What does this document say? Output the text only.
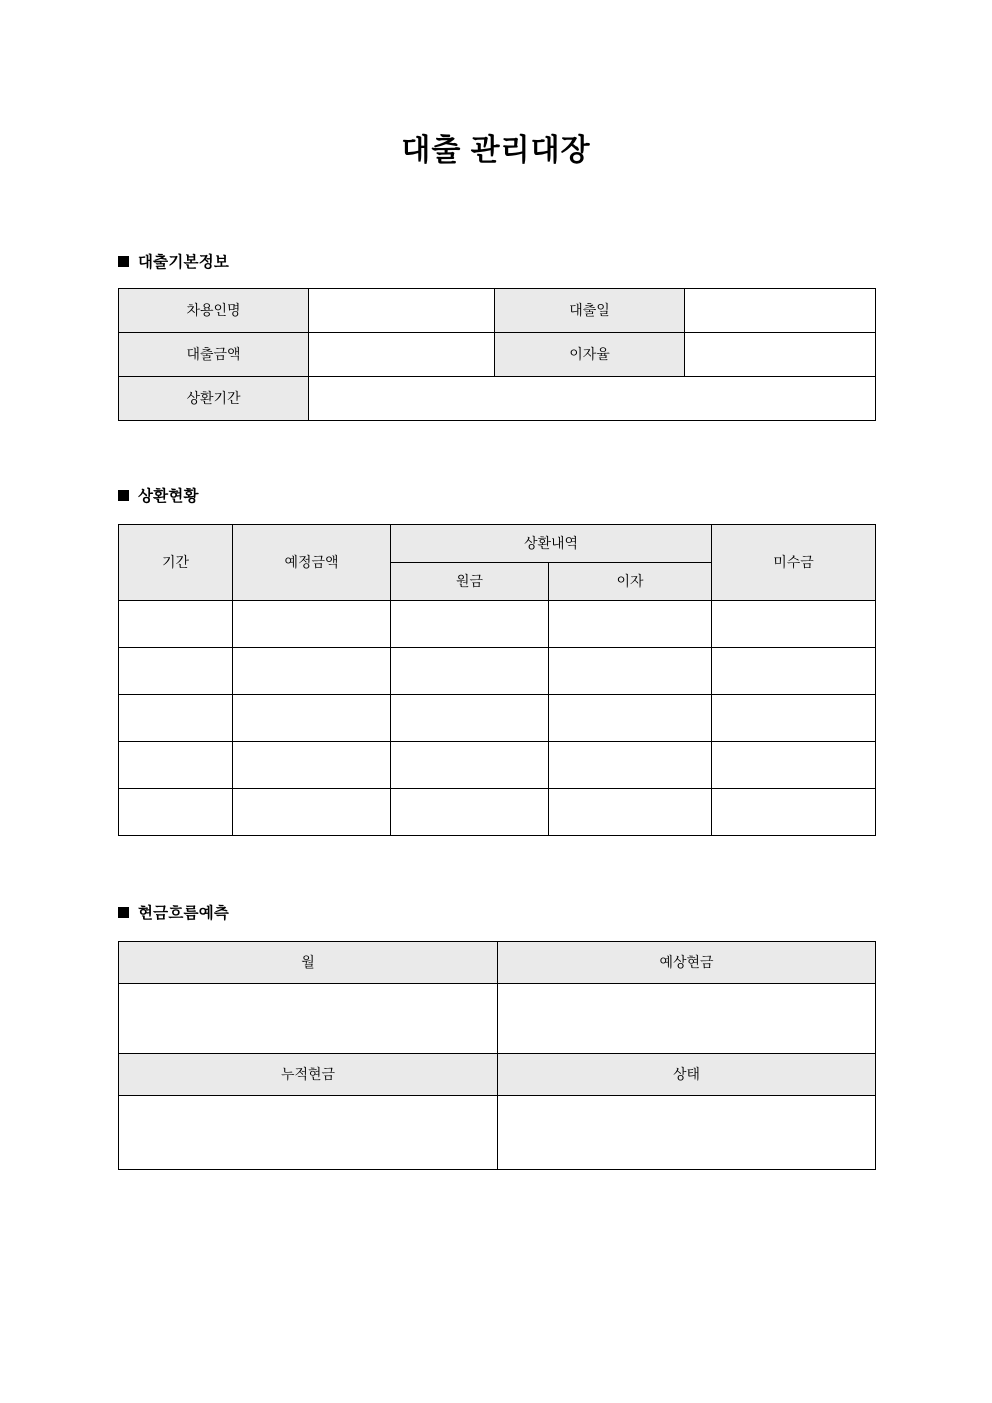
대출 관리대장
대출기본정보
차용인명		대출일	
대출금액		이자율	
상환기간			
상환현황
기간	예정금액	상환내역		미수금
		원금	이자	

현금흐름예측
월	예상현금

누적현금	상태
